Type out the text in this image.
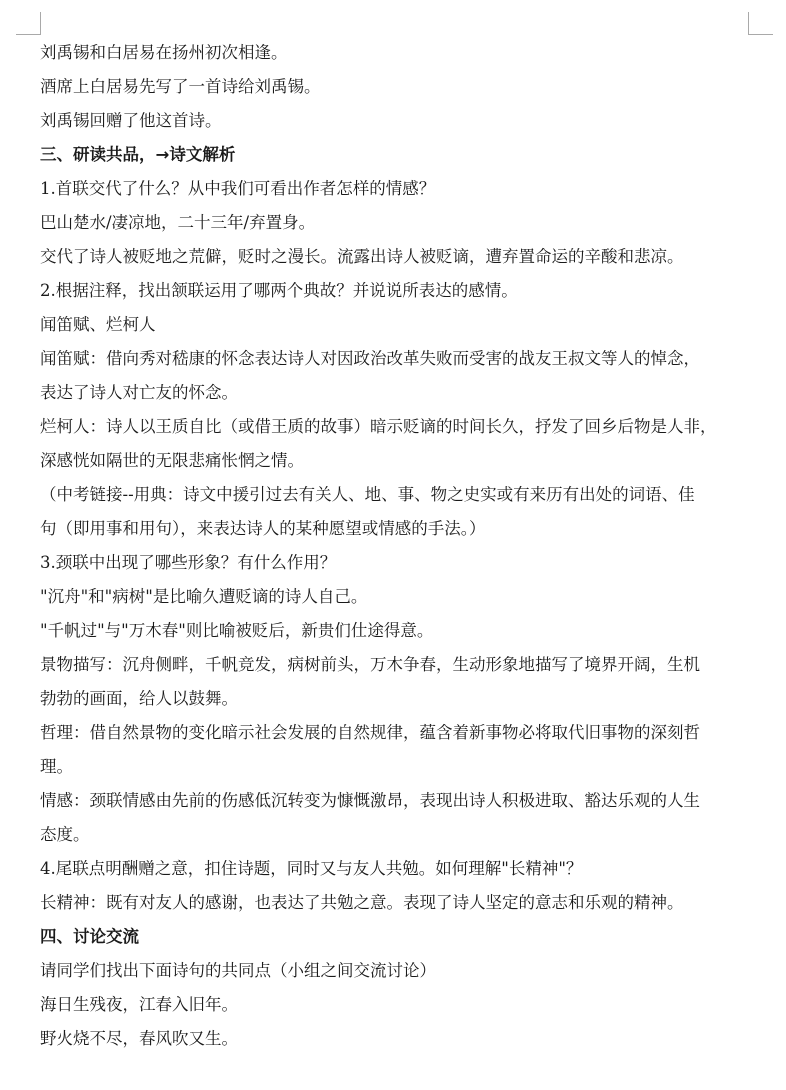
刘禹锡和白居易在扬州初次相逢。

酒席上白居易先写了一首诗给刘禹锡。

刘禹锡回赠了他这首诗。

三、研读共品，→诗文解析

1.首联交代了什么？从中我们可看出作者怎样的情感？

巴山楚水/凄凉地，二十三年/弃置身。

交代了诗人被贬地之荒僻，贬时之漫长。流露出诗人被贬谪，遭弃置命运的辛酸和悲凉。

2.根据注释，找出颔联运用了哪两个典故？并说说所表达的感情。

闻笛赋、烂柯人

闻笛赋：借向秀对嵇康的怀念表达诗人对因政治改革失败而受害的战友王叔文等人的悼念，

表达了诗人对亡友的怀念。

烂柯人：诗人以王质自比（或借王质的故事）暗示贬谪的时间长久，抒发了回乡后物是人非，

深感恍如隔世的无限悲痛怅惘之情。

（中考链接--用典：诗文中援引过去有关人、地、事、物之史实或有来历有出处的词语、佳

句（即用事和用句），来表达诗人的某种愿望或情感的手法。）

3.颈联中出现了哪些形象？有什么作用？

"沉舟"和"病树"是比喻久遭贬谪的诗人自己。

"千帆过"与"万木春"则比喻被贬后，新贵们仕途得意。

景物描写：沉舟侧畔，千帆竞发，病树前头，万木争春，生动形象地描写了境界开阔，生机

勃勃的画面，给人以鼓舞。

哲理：借自然景物的变化暗示社会发展的自然规律，蕴含着新事物必将取代旧事物的深刻哲

理。

情感：颈联情感由先前的伤感低沉转变为慷慨激昂，表现出诗人积极进取、豁达乐观的人生

态度。

4.尾联点明酬赠之意，扣住诗题，同时又与友人共勉。如何理解"长精神"？

长精神：既有对友人的感谢，也表达了共勉之意。表现了诗人坚定的意志和乐观的精神。

四、讨论交流

请同学们找出下面诗句的共同点（小组之间交流讨论）

海日生残夜，江春入旧年。

野火烧不尽，春风吹又生。
